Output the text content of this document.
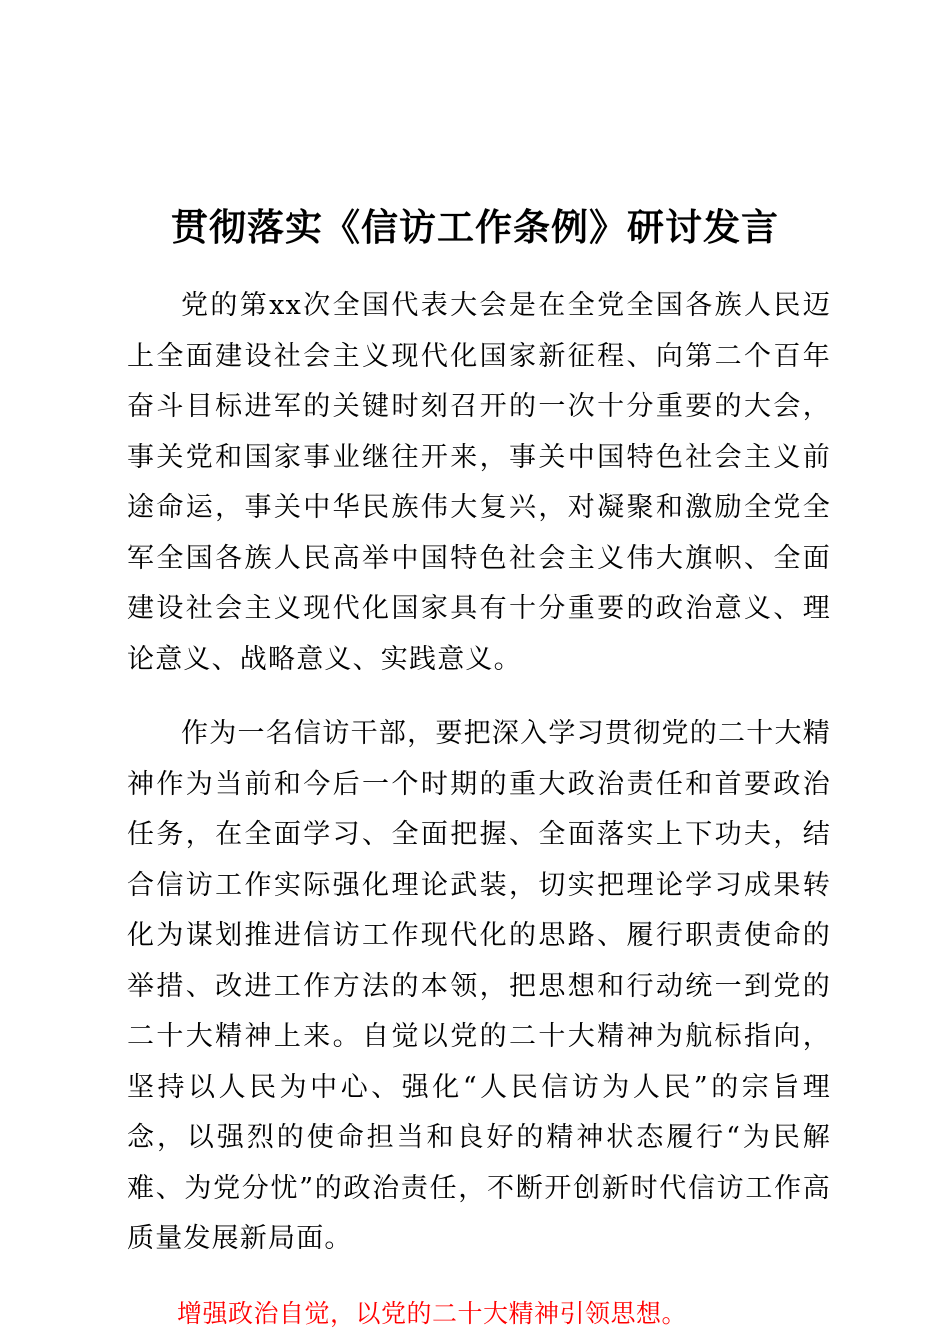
贯彻落实《信访工作条例》研讨发言

党的第xx次全国代表大会是在全党全国各族人民迈上全面建设社会主义现代化国家新征程、向第二个百年奋斗目标进军的关键时刻召开的一次十分重要的大会，事关党和国家事业继往开来，事关中国特色社会主义前途命运，事关中华民族伟大复兴，对凝聚和激励全党全军全国各族人民高举中国特色社会主义伟大旗帜、全面建设社会主义现代化国家具有十分重要的政治意义、理论意义、战略意义、实践意义。

作为一名信访干部，要把深入学习贯彻党的二十大精神作为当前和今后一个时期的重大政治责任和首要政治任务，在全面学习、全面把握、全面落实上下功夫，结合信访工作实际强化理论武装，切实把理论学习成果转化为谋划推进信访工作现代化的思路、履行职责使命的举措、改进工作方法的本领，把思想和行动统一到党的二十大精神上来。自觉以党的二十大精神为航标指向，坚持以人民为中心、强化“人民信访为人民”的宗旨理念，以强烈的使命担当和良好的精神状态履行“为民解难、为党分忧”的政治责任，不断开创新时代信访工作高质量发展新局面。

增强政治自觉，以党的二十大精神引领思想。
